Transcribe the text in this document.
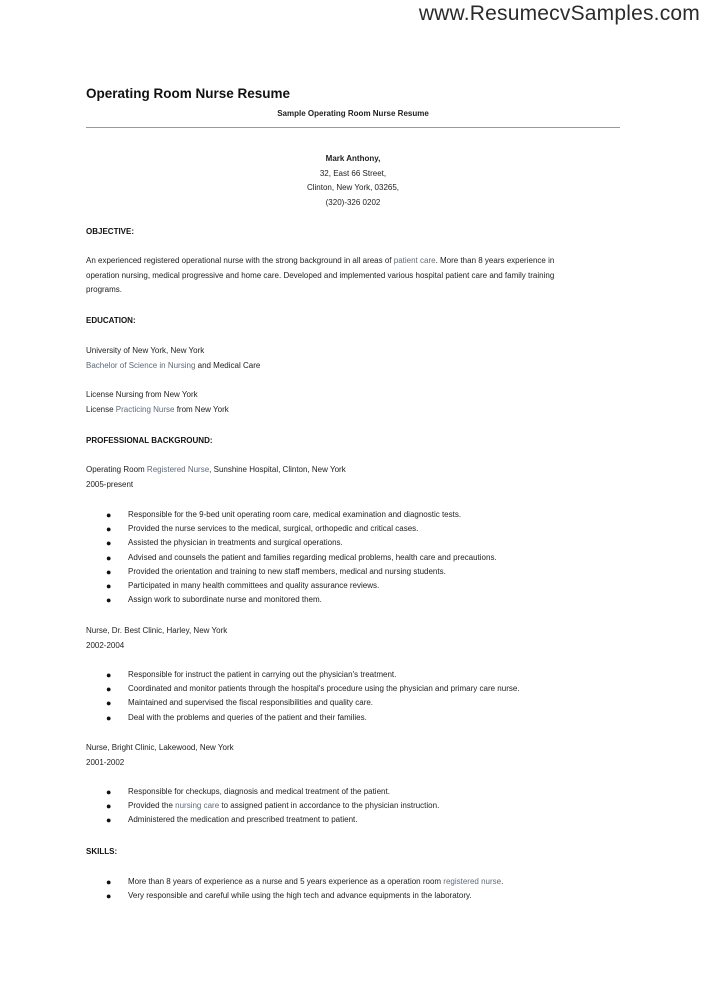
www.ResumecvSamples.com
Operating Room Nurse Resume
Sample Operating Room Nurse Resume
Mark Anthony,
32, East 66 Street,
Clinton, New York, 03265,
(320)-326 0202
OBJECTIVE:
An experienced registered operational nurse with the strong background in all areas of patient care. More than 8 years experience in
operation nursing, medical progressive and home care. Developed and implemented various hospital patient care and family training
programs.
EDUCATION:
University of New York, New York
Bachelor of Science in Nursing and Medical Care
License Nursing from New York
License Practicing Nurse from New York
PROFESSIONAL BACKGROUND:
Operating Room Registered Nurse, Sunshine Hospital, Clinton, New York
2005-present
● Responsible for the 9-bed unit operating room care, medical examination and diagnostic tests.
● Provided the nurse services to the medical, surgical, orthopedic and critical cases.
● Assisted the physician in treatments and surgical operations.
● Advised and counsels the patient and families regarding medical problems, health care and precautions.
● Provided the orientation and training to new staff members, medical and nursing students.
● Participated in many health committees and quality assurance reviews.
● Assign work to subordinate nurse and monitored them.
Nurse, Dr. Best Clinic, Harley, New York
2002-2004
● Responsible for instruct the patient in carrying out the physician's treatment.
● Coordinated and monitor patients through the hospital's procedure using the physician and primary care nurse.
● Maintained and supervised the fiscal responsibilities and quality care.
● Deal with the problems and queries of the patient and their families.
Nurse, Bright Clinic, Lakewood, New York
2001-2002
● Responsible for checkups, diagnosis and medical treatment of the patient.
● Provided the nursing care to assigned patient in accordance to the physician instruction.
● Administered the medication and prescribed treatment to patient.
SKILLS:
● More than 8 years of experience as a nurse and 5 years experience as a operation room registered nurse.
● Very responsible and careful while using the high tech and advance equipments in the laboratory.
